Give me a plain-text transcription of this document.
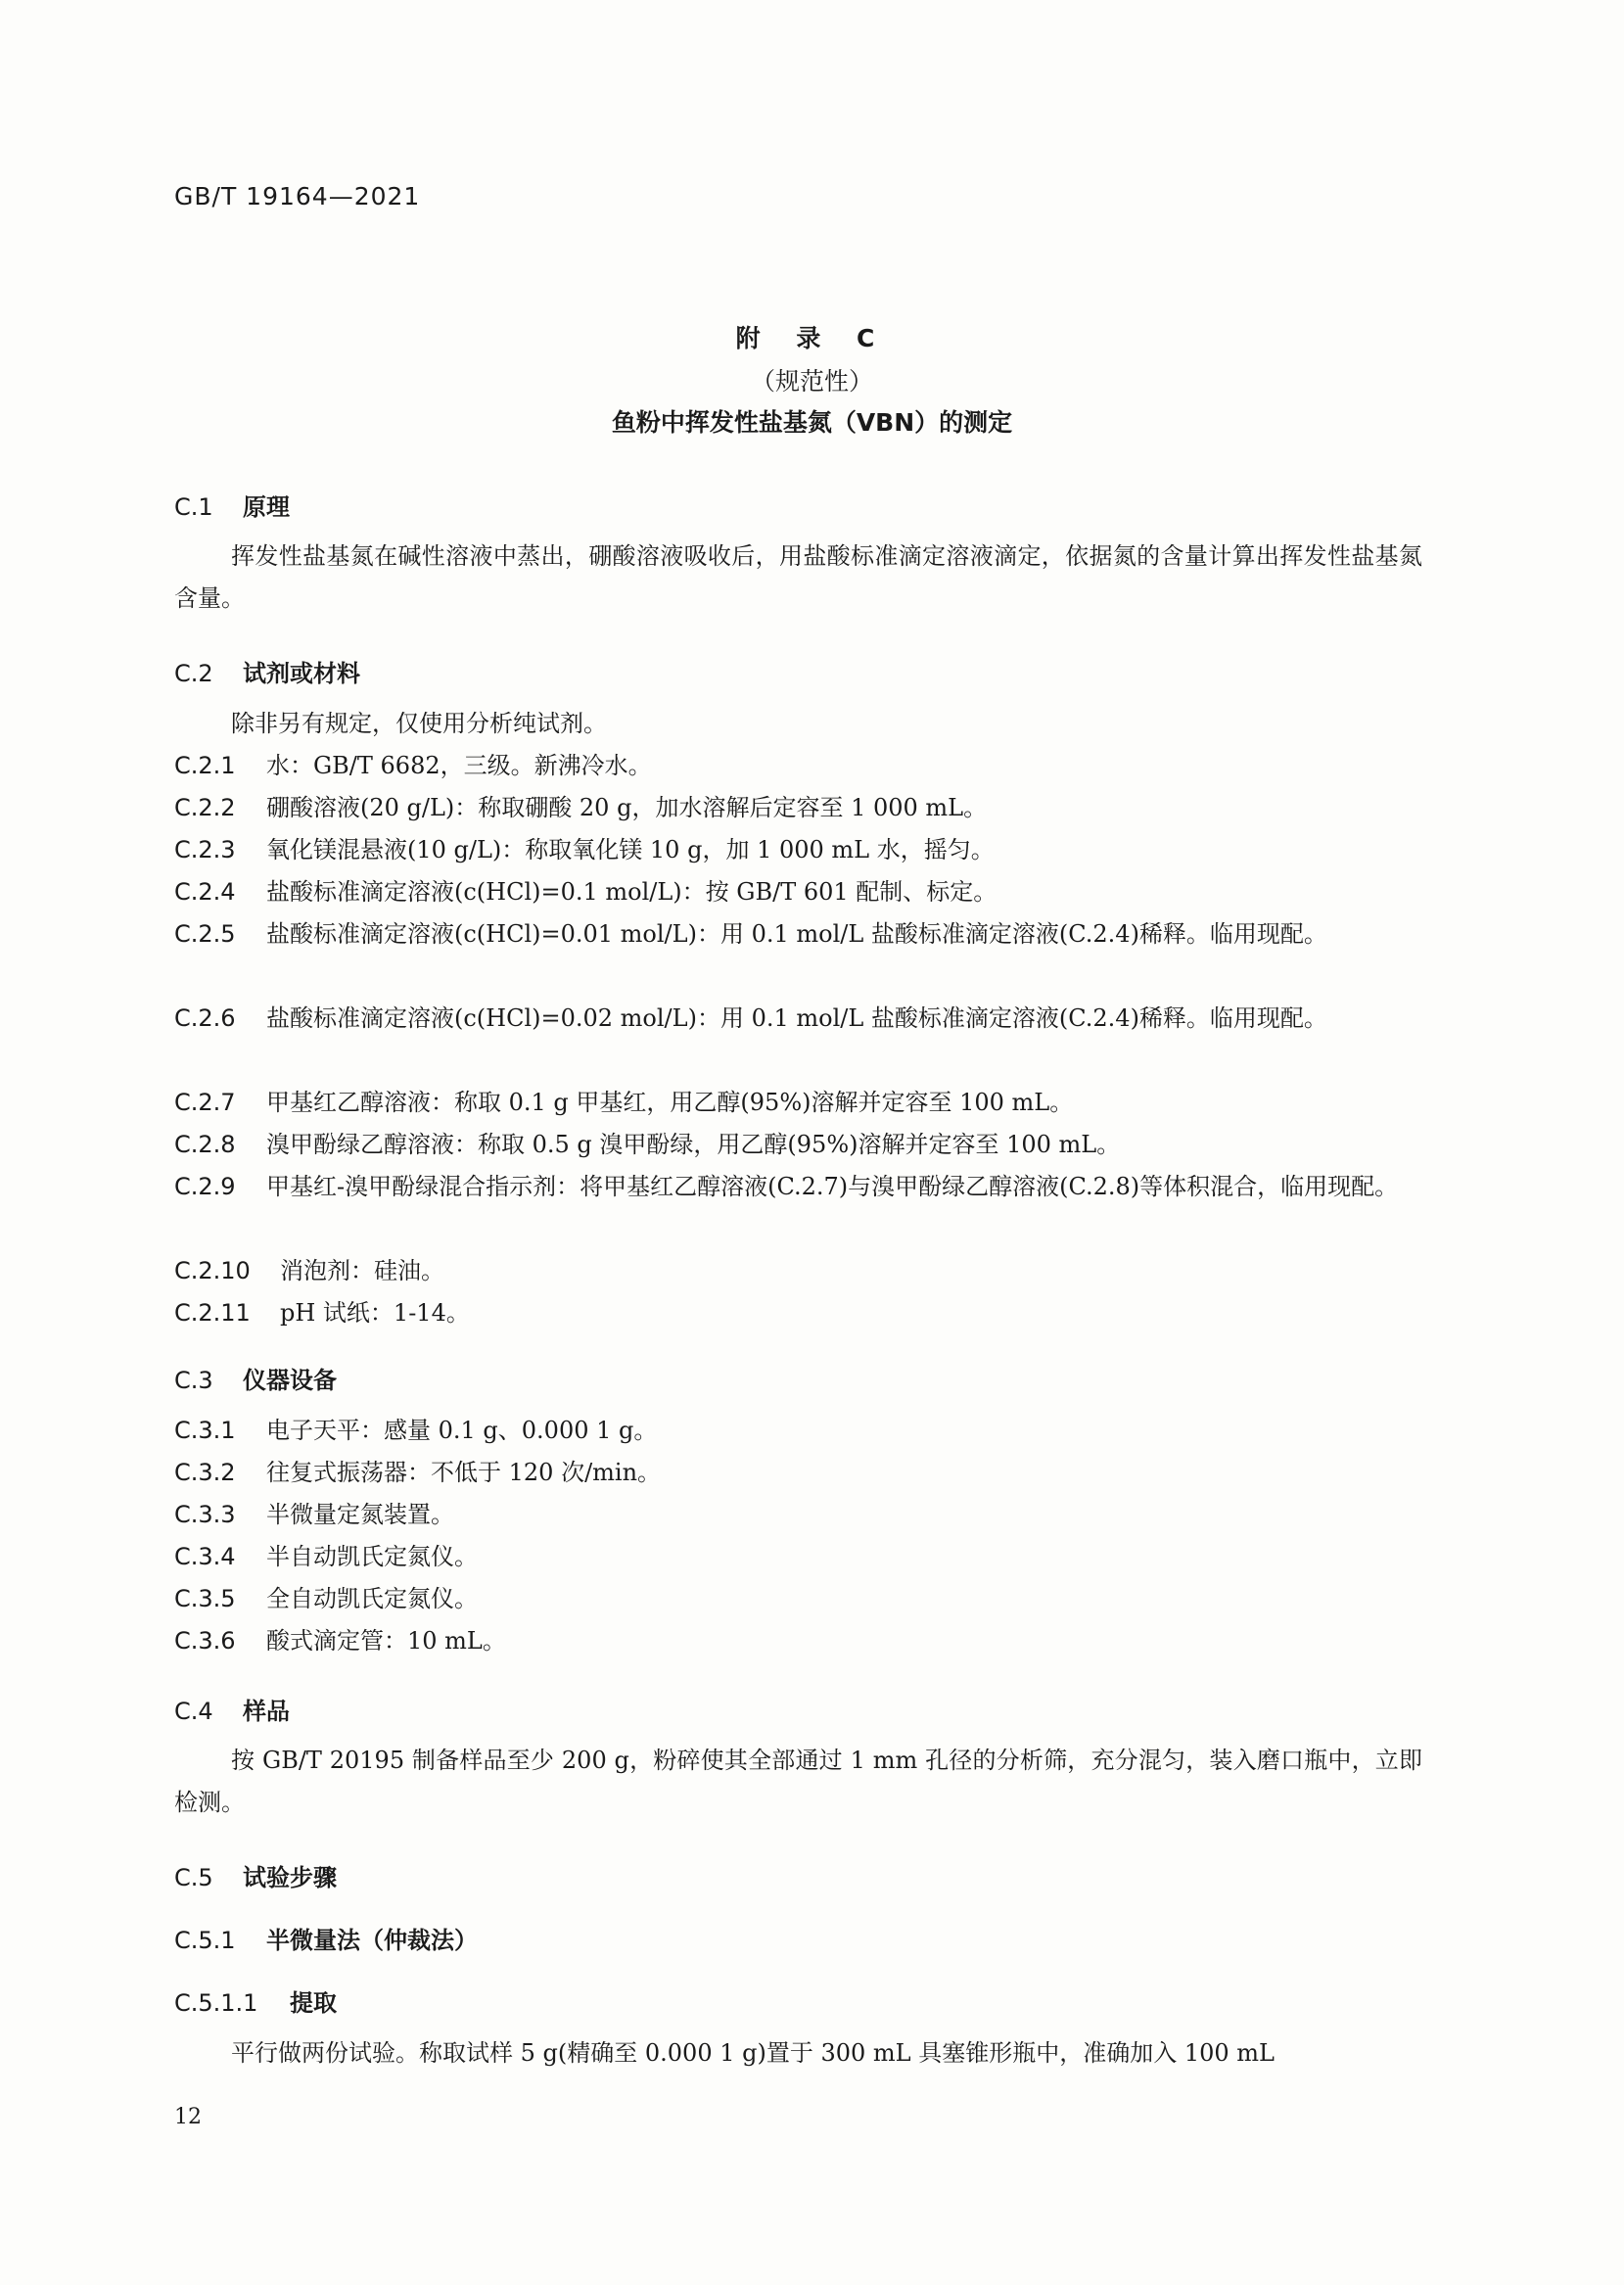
GB/T 19164—2021
附 录 C
（规范性）
鱼粉中挥发性盐基氮（VBN）的测定
C.1 原理
挥发性盐基氮在碱性溶液中蒸出，硼酸溶液吸收后，用盐酸标准滴定溶液滴定，依据氮的含量计算出挥发性盐基氮含量。
C.2 试剂或材料
除非另有规定，仅使用分析纯试剂。
C.2.1 水：GB/T 6682，三级。新沸冷水。
C.2.2 硼酸溶液(20 g/L)：称取硼酸 20 g，加水溶解后定容至 1 000 mL。
C.2.3 氧化镁混悬液(10 g/L)：称取氧化镁 10 g，加 1 000 mL 水，摇匀。
C.2.4 盐酸标准滴定溶液(c(HCl)=0.1 mol/L)：按 GB/T 601 配制、标定。
C.2.5 盐酸标准滴定溶液(c(HCl)=0.01 mol/L)：用 0.1 mol/L 盐酸标准滴定溶液(C.2.4)稀释。临用现配。
C.2.6 盐酸标准滴定溶液(c(HCl)=0.02 mol/L)：用 0.1 mol/L 盐酸标准滴定溶液(C.2.4)稀释。临用现配。
C.2.7 甲基红乙醇溶液：称取 0.1 g 甲基红，用乙醇(95%)溶解并定容至 100 mL。
C.2.8 溴甲酚绿乙醇溶液：称取 0.5 g 溴甲酚绿，用乙醇(95%)溶解并定容至 100 mL。
C.2.9 甲基红-溴甲酚绿混合指示剂：将甲基红乙醇溶液(C.2.7)与溴甲酚绿乙醇溶液(C.2.8)等体积混合，临用现配。
C.2.10 消泡剂：硅油。
C.2.11 pH 试纸：1-14。
C.3 仪器设备
C.3.1 电子天平：感量 0.1 g、0.000 1 g。
C.3.2 往复式振荡器：不低于 120 次/min。
C.3.3 半微量定氮装置。
C.3.4 半自动凯氏定氮仪。
C.3.5 全自动凯氏定氮仪。
C.3.6 酸式滴定管：10 mL。
C.4 样品
按 GB/T 20195 制备样品至少 200 g，粉碎使其全部通过 1 mm 孔径的分析筛，充分混匀，装入磨口瓶中，立即检测。
C.5 试验步骤
C.5.1 半微量法（仲裁法）
C.5.1.1 提取
平行做两份试验。称取试样 5 g(精确至 0.000 1 g)置于 300 mL 具塞锥形瓶中，准确加入 100 mL
12
